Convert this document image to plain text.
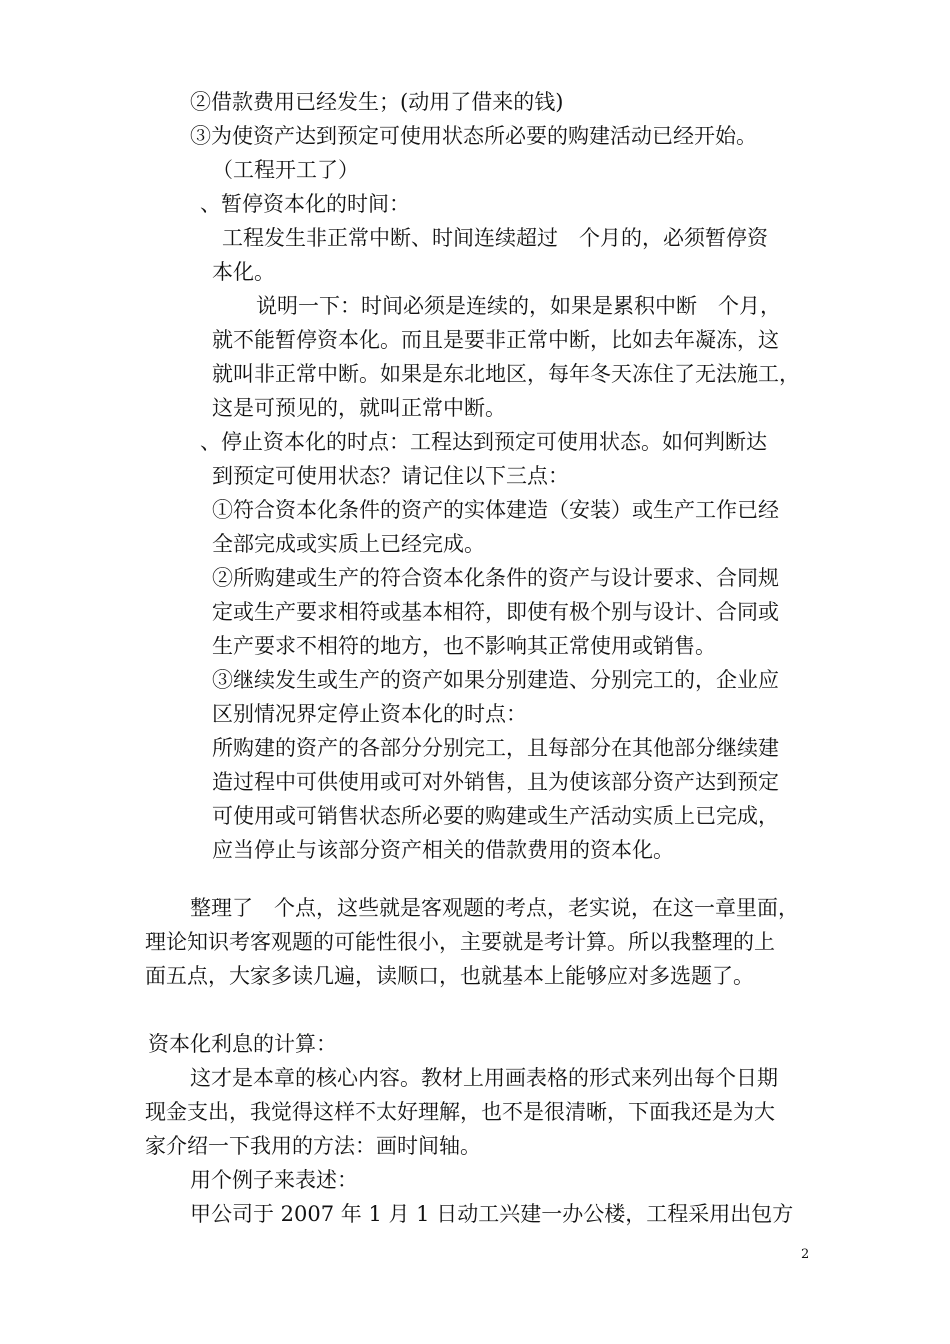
②借款费用已经发生；(动用了借来的钱)

③为使资产达到预定可使用状态所必要的购建活动已经开始。

（工程开工了）

、暂停资本化的时间：

工程发生非正常中断、时间连续超过　个月的，必须暂停资

本化。

说明一下：时间必须是连续的，如果是累积中断　个月，

就不能暂停资本化。而且是要非正常中断，比如去年凝冻，这

就叫非正常中断。如果是东北地区，每年冬天冻住了无法施工，

这是可预见的，就叫正常中断。

、停止资本化的时点：工程达到预定可使用状态。如何判断达

到预定可使用状态？请记住以下三点：

①符合资本化条件的资产的实体建造（安装）或生产工作已经

全部完成或实质上已经完成。

②所购建或生产的符合资本化条件的资产与设计要求、合同规

定或生产要求相符或基本相符，即使有极个别与设计、合同或

生产要求不相符的地方，也不影响其正常使用或销售。

③继续发生或生产的资产如果分别建造、分别完工的，企业应

区别情况界定停止资本化的时点：

所购建的资产的各部分分别完工，且每部分在其他部分继续建

造过程中可供使用或可对外销售，且为使该部分资产达到预定

可使用或可销售状态所必要的购建或生产活动实质上已完成，

应当停止与该部分资产相关的借款费用的资本化。

整理了　个点，这些就是客观题的考点，老实说，在这一章里面，

理论知识考客观题的可能性很小，主要就是考计算。所以我整理的上

面五点，大家多读几遍，读顺口，也就基本上能够应对多选题了。

资本化利息的计算：

这才是本章的核心内容。教材上用画表格的形式来列出每个日期

现金支出，我觉得这样不太好理解，也不是很清晰，下面我还是为大

家介绍一下我用的方法：画时间轴。

用个例子来表述：

甲公司于 2007 年 1 月 1 日动工兴建一办公楼，工程采用出包方

2
